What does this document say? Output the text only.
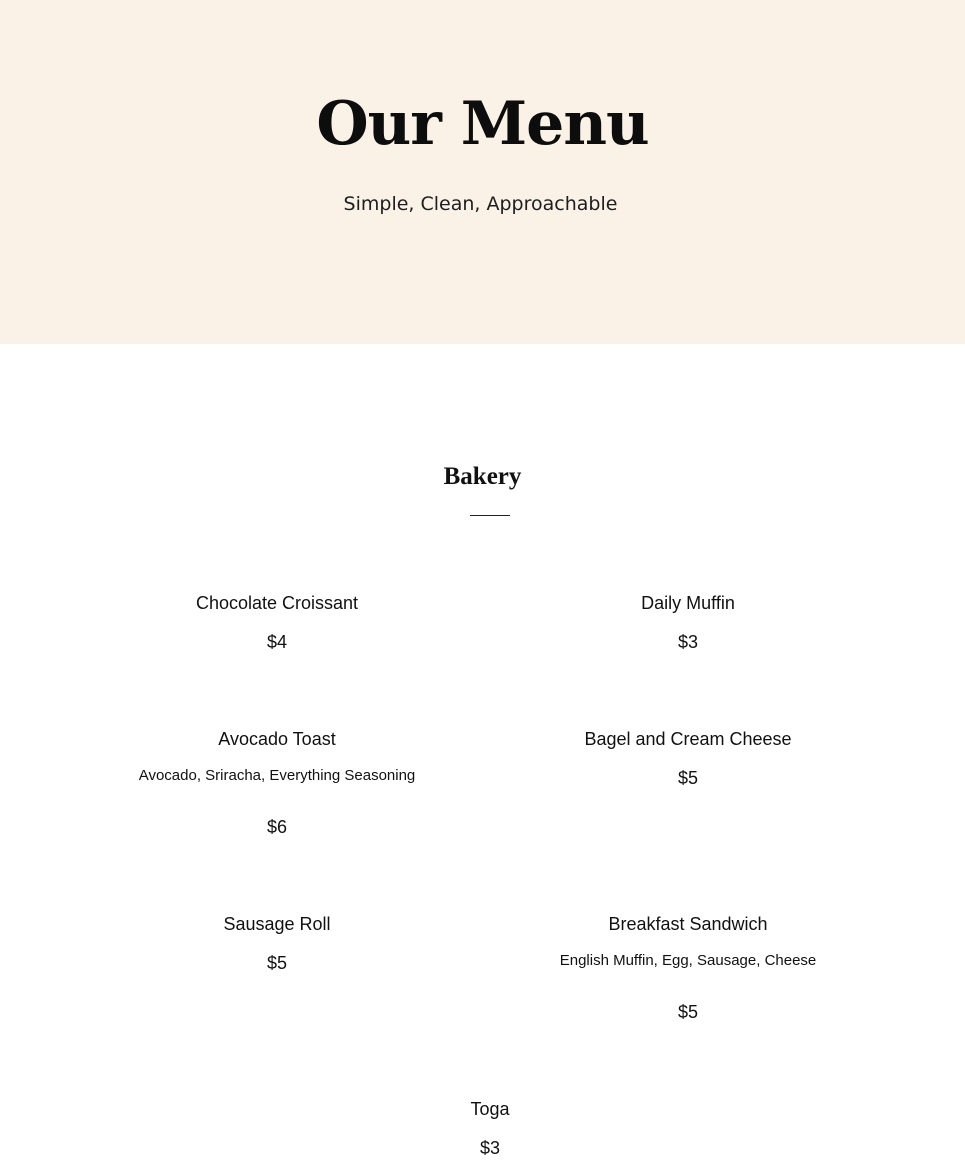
Our Menu

Simple, Clean, Approachable

Bakery
Chocolate Croissant
$4
Daily Muffin
$3
Avocado Toast
Avocado, Sriracha, Everything Seasoning
$6
Bagel and Cream Cheese
$5
Sausage Roll
$5
Breakfast Sandwich
English Muffin, Egg, Sausage, Cheese
$5
Toga
$3
